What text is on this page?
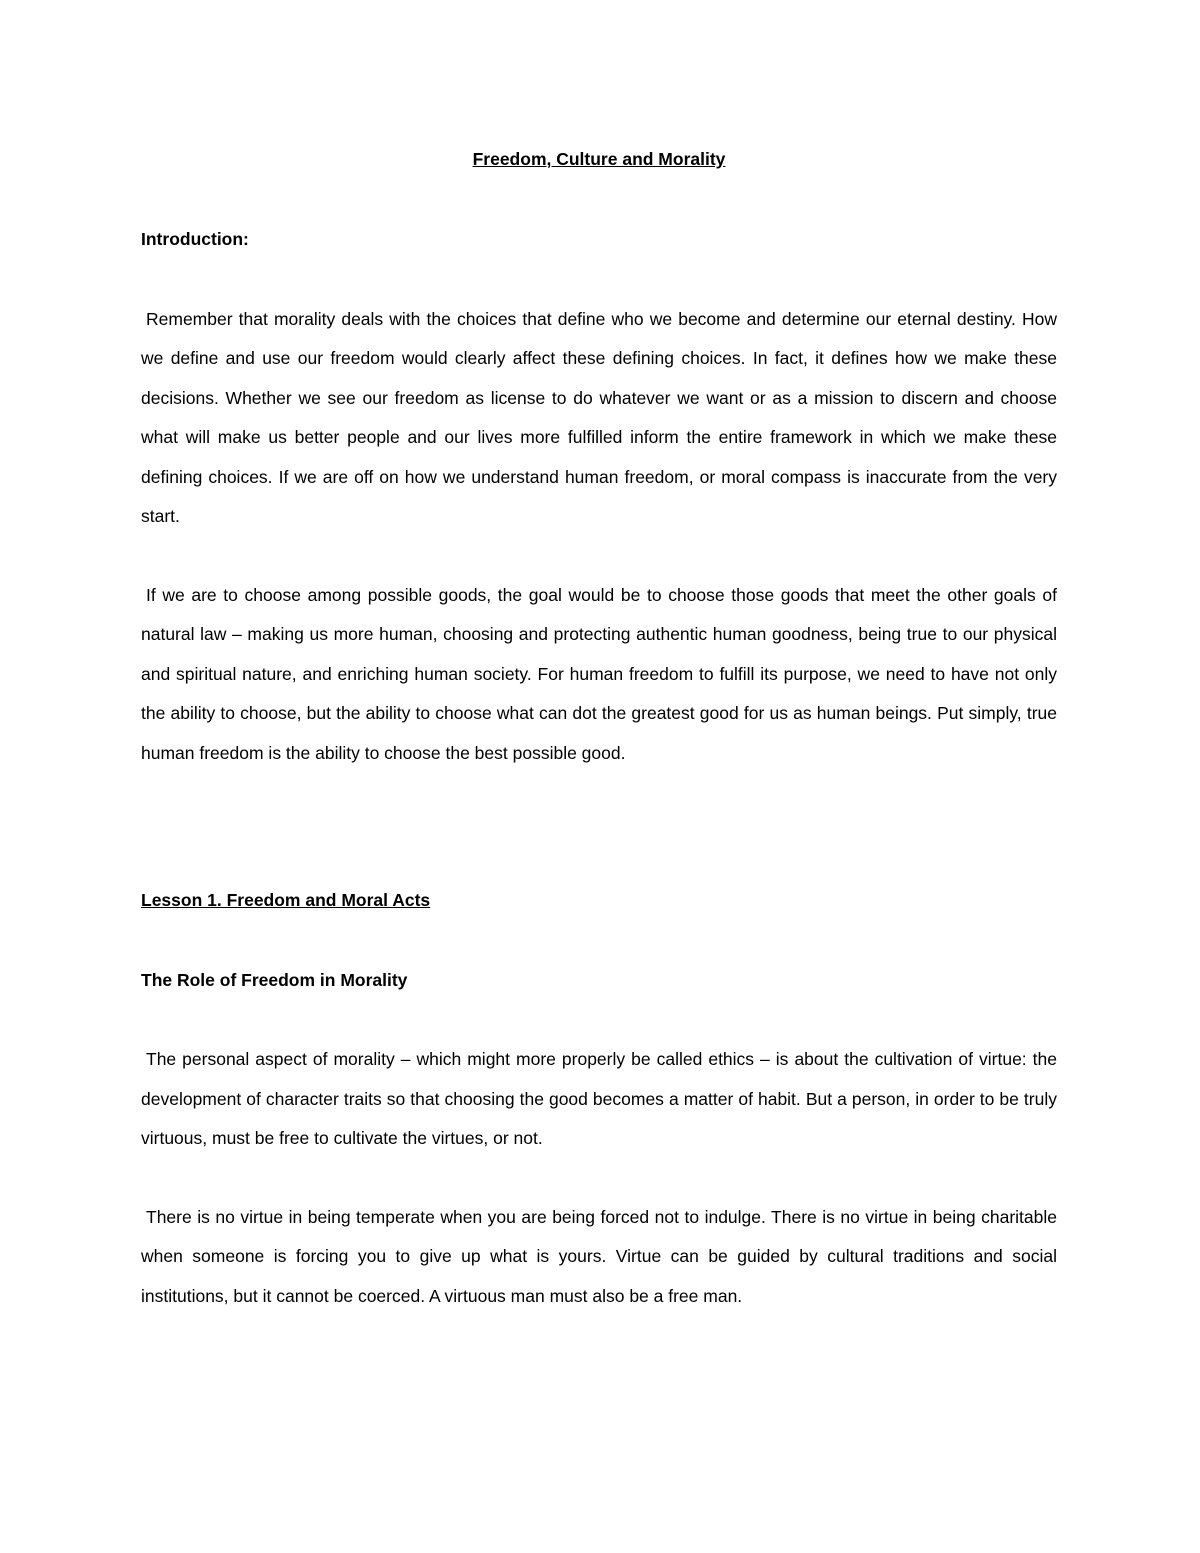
Freedom, Culture and Morality

Introduction:

Remember that morality deals with the choices that define who we become and determine our eternal destiny. How we define and use our freedom would clearly affect these defining choices. In fact, it defines how we make these decisions. Whether we see our freedom as license to do whatever we want or as a mission to discern and choose what will make us better people and our lives more fulfilled inform the entire framework in which we make these defining choices. If we are off on how we understand human freedom, or moral compass is inaccurate from the very start.

If we are to choose among possible goods, the goal would be to choose those goods that meet the other goals of natural law – making us more human, choosing and protecting authentic human goodness, being true to our physical and spiritual nature, and enriching human society. For human freedom to fulfill its purpose, we need to have not only the ability to choose, but the ability to choose what can dot the greatest good for us as human beings. Put simply, true human freedom is the ability to choose the best possible good.

Lesson 1. Freedom and Moral Acts

The Role of Freedom in Morality

The personal aspect of morality – which might more properly be called ethics – is about the cultivation of virtue: the development of character traits so that choosing the good becomes a matter of habit. But a person, in order to be truly virtuous, must be free to cultivate the virtues, or not.

There is no virtue in being temperate when you are being forced not to indulge. There is no virtue in being charitable when someone is forcing you to give up what is yours. Virtue can be guided by cultural traditions and social institutions, but it cannot be coerced. A virtuous man must also be a free man.
